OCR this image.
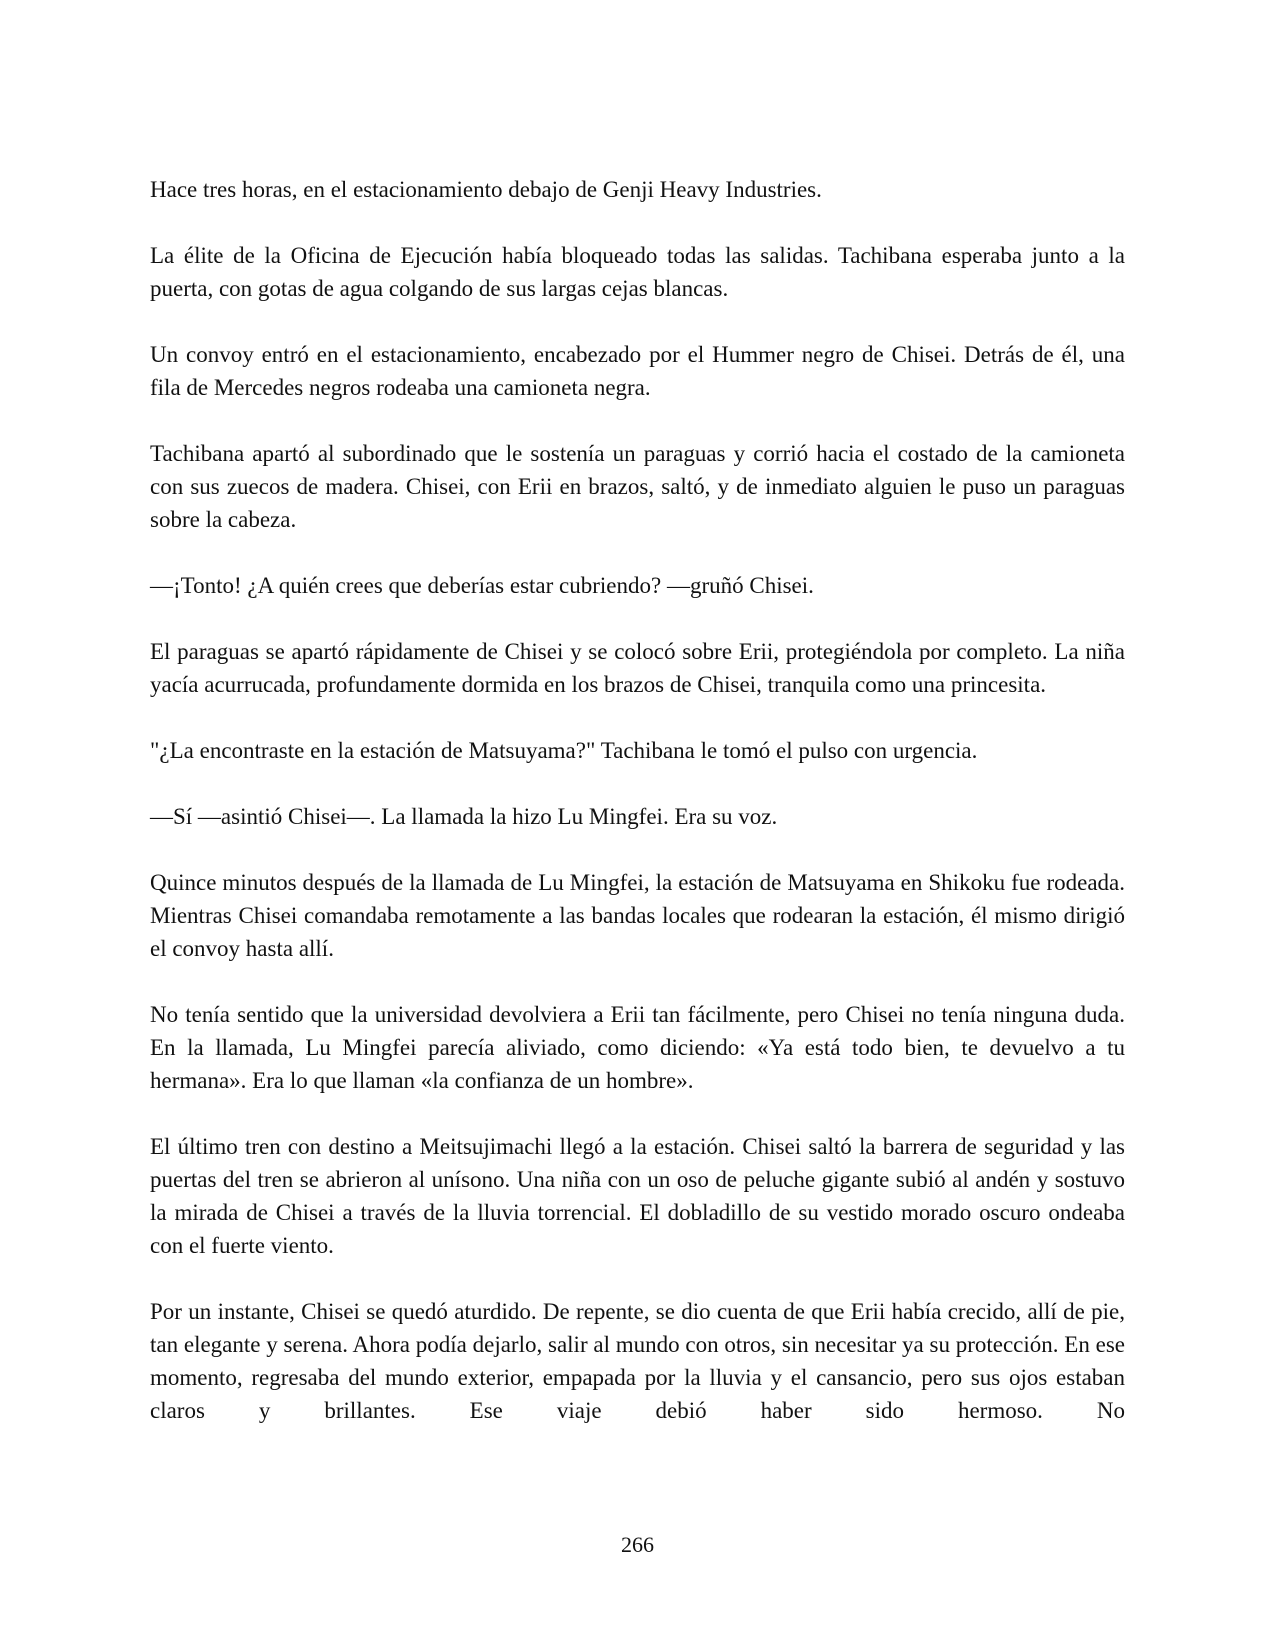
Hace tres horas, en el estacionamiento debajo de Genji Heavy Industries.

La élite de la Oficina de Ejecución había bloqueado todas las salidas. Tachibana esperaba junto a la puerta, con gotas de agua colgando de sus largas cejas blancas.

Un convoy entró en el estacionamiento, encabezado por el Hummer negro de Chisei. Detrás de él, una fila de Mercedes negros rodeaba una camioneta negra.

Tachibana apartó al subordinado que le sostenía un paraguas y corrió hacia el costado de la camioneta con sus zuecos de madera. Chisei, con Erii en brazos, saltó, y de inmediato alguien le puso un paraguas sobre la cabeza.

—¡Tonto! ¿A quién crees que deberías estar cubriendo? —gruñó Chisei.

El paraguas se apartó rápidamente de Chisei y se colocó sobre Erii, protegiéndola por completo. La niña yacía acurrucada, profundamente dormida en los brazos de Chisei, tranquila como una princesita.

"¿La encontraste en la estación de Matsuyama?" Tachibana le tomó el pulso con urgencia.

—Sí —asintió Chisei—. La llamada la hizo Lu Mingfei. Era su voz.

Quince minutos después de la llamada de Lu Mingfei, la estación de Matsuyama en Shikoku fue rodeada. Mientras Chisei comandaba remotamente a las bandas locales que rodearan la estación, él mismo dirigió el convoy hasta allí.

No tenía sentido que la universidad devolviera a Erii tan fácilmente, pero Chisei no tenía ninguna duda. En la llamada, Lu Mingfei parecía aliviado, como diciendo: «Ya está todo bien, te devuelvo a tu hermana». Era lo que llaman «la confianza de un hombre».

El último tren con destino a Meitsujimachi llegó a la estación. Chisei saltó la barrera de seguridad y las puertas del tren se abrieron al unísono. Una niña con un oso de peluche gigante subió al andén y sostuvo la mirada de Chisei a través de la lluvia torrencial. El dobladillo de su vestido morado oscuro ondeaba con el fuerte viento.

Por un instante, Chisei se quedó aturdido. De repente, se dio cuenta de que Erii había crecido, allí de pie, tan elegante y serena. Ahora podía dejarlo, salir al mundo con otros, sin necesitar ya su protección. En ese momento, regresaba del mundo exterior, empapada por la lluvia y el cansancio, pero sus ojos estaban claros y brillantes. Ese viaje debió haber sido hermoso. No

266
